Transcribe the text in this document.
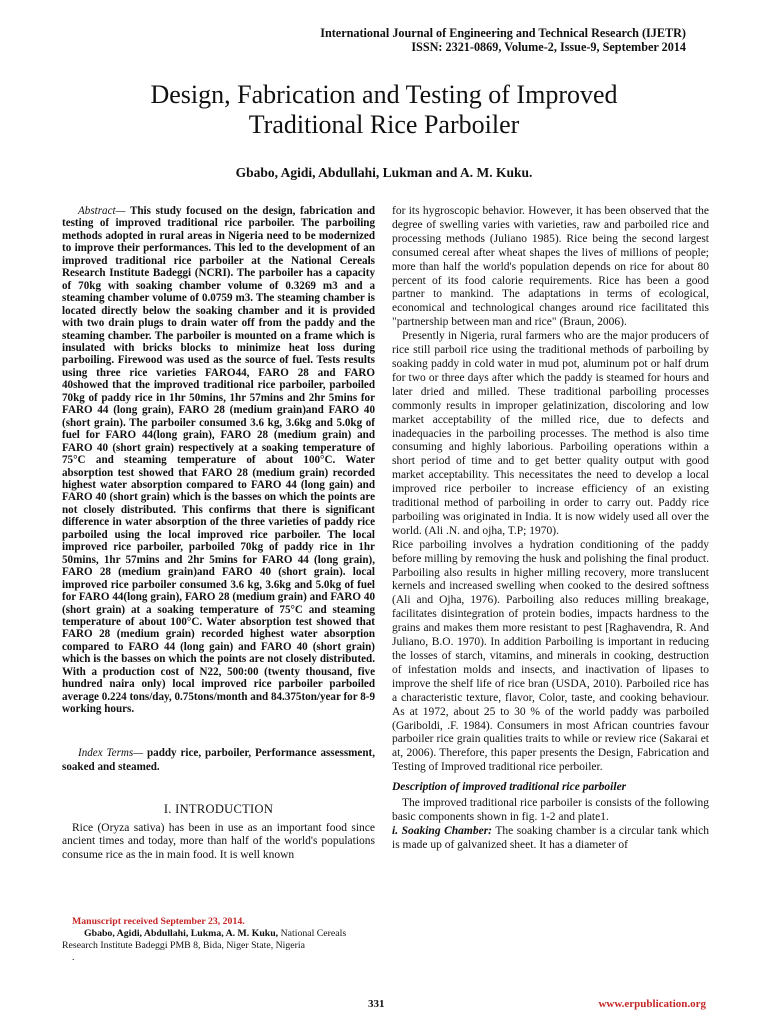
International Journal of Engineering and Technical Research (IJETR)
ISSN: 2321-0869, Volume-2, Issue-9, September 2014
Design, Fabrication and Testing of Improved
Traditional Rice Parboiler
Gbabo, Agidi, Abdullahi, Lukman and A. M. Kuku.

Abstract— This study focused on the design, fabrication and testing of improved traditional rice parboiler. The parboiling methods adopted in rural areas in Nigeria need to be modernized to improve their performances. This led to the development of an improved traditional rice parboiler at the National Cereals Research Institute Badeggi (NCRI). The parboiler has a capacity of 70kg with soaking chamber volume of 0.3269 m3 and a steaming chamber volume of 0.0759 m3. The steaming chamber is located directly below the soaking chamber and it is provided with two drain plugs to drain water off from the paddy and the steaming chamber. The parboiler is mounted on a frame which is insulated with bricks blocks to minimize heat loss during parboiling. Firewood was used as the source of fuel. Tests results using three rice varieties FARO44, FARO 28 and FARO 40showed that the improved traditional rice parboiler, parboiled 70kg of paddy rice in 1hr 50mins, 1hr 57mins and 2hr 5mins for FARO 44 (long grain), FARO 28 (medium grain)and FARO 40 (short grain). The parboiler consumed 3.6 kg, 3.6kg and 5.0kg of fuel for FARO 44(long grain), FARO 28 (medium grain) and FARO 40 (short grain) respectively at a soaking temperature of 75°C and steaming temperature of about 100°C. Water absorption test showed that FARO 28 (medium grain) recorded highest water absorption compared to FARO 44 (long gain) and FARO 40 (short grain) which is the basses on which the points are not closely distributed. This confirms that there is significant difference in water absorption of the three varieties of paddy rice parboiled using the local improved rice parboiler. The local improved rice parboiler, parboiled 70kg of paddy rice in 1hr 50mins, 1hr 57mins and 2hr 5mins for FARO 44 (long grain), FARO 28 (medium grain)and FARO 40 (short grain). local improved rice parboiler consumed 3.6 kg, 3.6kg and 5.0kg of fuel for FARO 44(long grain), FARO 28 (medium grain) and FARO 40 (short grain) at a soaking temperature of 75°C and steaming temperature of about 100°C. Water absorption test showed that FARO 28 (medium grain) recorded highest water absorption compared to FARO 44 (long gain) and FARO 40 (short grain) which is the basses on which the points are not closely distributed. With a production cost of N22, 500:00 (twenty thousand, five hundred naira only) local improved rice parboiler parboiled average 0.224 tons/day, 0.75tons/month and 84.375ton/year for 8-9 working hours.

Index Terms— paddy rice, parboiler, Performance assessment, soaked and steamed.

I. INTRODUCTION

Rice (Oryza sativa) has been in use as an important food since ancient times and today, more than half of the world's populations consume rice as the in main food. It is well known

for its hygroscopic behavior. However, it has been observed that the degree of swelling varies with varieties, raw and parboiled rice and processing methods (Juliano 1985). Rice being the second largest consumed cereal after wheat shapes the lives of millions of people; more than half the world's population depends on rice for about 80 percent of its food calorie requirements. Rice has been a good partner to mankind. The adaptations in terms of ecological, economical and technological changes around rice facilitated this "partnership between man and rice" (Braun, 2006).

Presently in Nigeria, rural farmers who are the major producers of rice still parboil rice using the traditional methods of parboiling by soaking paddy in cold water in mud pot, aluminum pot or half drum for two or three days after which the paddy is steamed for hours and later dried and milled. These traditional parboiling processes commonly results in improper gelatinization, discoloring and low market acceptability of the milled rice, due to defects and inadequacies in the parboiling processes. The method is also time consuming and highly laborious. Parboiling operations within a short period of time and to get better quality output with good market acceptability. This necessitates the need to develop a local improved rice perboiler to increase efficiency of an existing traditional method of parboiling in order to carry out. Paddy rice parboiling was originated in India. It is now widely used all over the world. (Ali .N. and ojha, T.P; 1970).

Rice parboiling involves a hydration conditioning of the paddy before milling by removing the husk and polishing the final product. Parboiling also results in higher milling recovery, more translucent kernels and increased swelling when cooked to the desired softness (Ali and Ojha, 1976). Parboiling also reduces milling breakage, facilitates disintegration of protein bodies, impacts hardness to the grains and makes them more resistant to pest [Raghavendra, R. And Juliano, B.O. 1970). In addition Parboiling is important in reducing the losses of starch, vitamins, and minerals in cooking, destruction of infestation molds and insects, and inactivation of lipases to improve the shelf life of rice bran (USDA, 2010). Parboiled rice has a characteristic texture, flavor, Color, taste, and cooking behaviour. As at 1972, about 25 to 30 % of the world paddy was parboiled (Gariboldi, .F. 1984). Consumers in most African countries favour parboiler rice grain qualities traits to while or review rice (Sakarai et at, 2006). Therefore, this paper presents the Design, Fabrication and Testing of Improved traditional rice perboiler.

Description of improved traditional rice parboiler

The improved traditional rice parboiler is consists of the following basic components shown in fig. 1-2 and plate1.

i. Soaking Chamber: The soaking chamber is a circular tank which is made up of galvanized sheet. It has a diameter of

Manuscript received September 23, 2014.

Gbabo, Agidi, Abdullahi, Lukma, A. M. Kuku, National Cereals Research Institute Badeggi PMB 8, Bida, Niger State, Nigeria

.
331	www.erpublication.org
